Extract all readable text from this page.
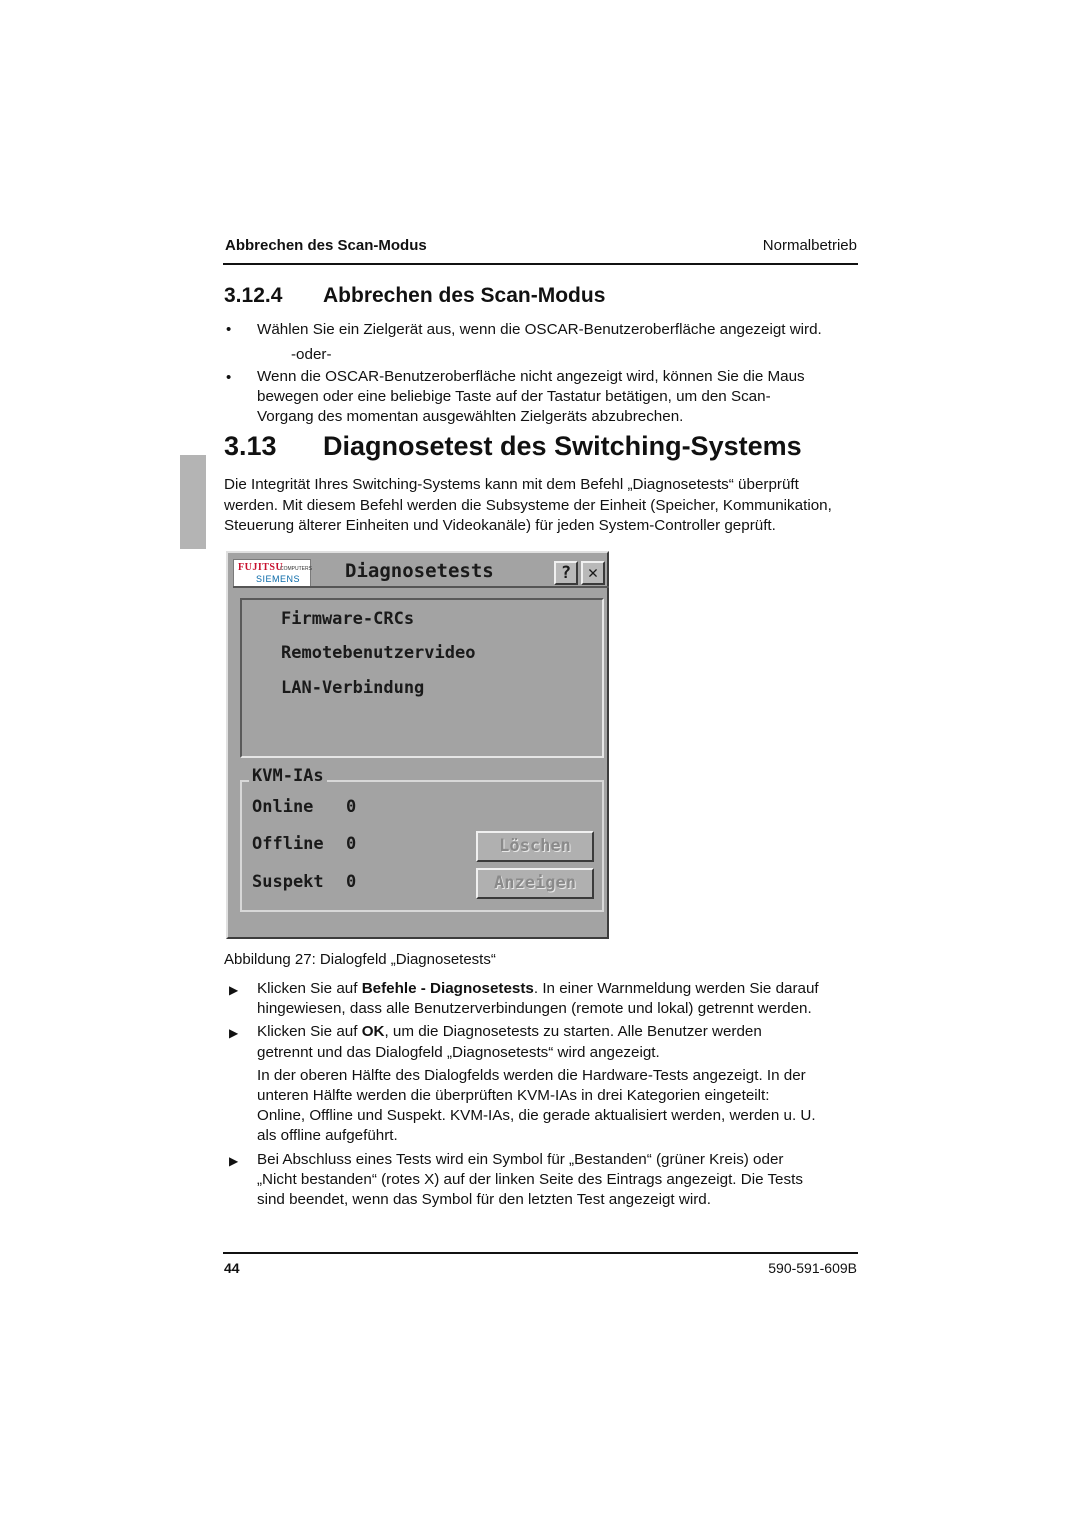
Abbrechen des Scan-Modus	Normalbetrieb
3.12.4 Abbrechen des Scan-Modus
• Wählen Sie ein Zielgerät aus, wenn die OSCAR-Benutzeroberfläche angezeigt wird.
-oder-
• Wenn die OSCAR-Benutzeroberfläche nicht angezeigt wird, können Sie die Maus
bewegen oder eine beliebige Taste auf der Tastatur betätigen, um den Scan-
Vorgang des momentan ausgewählten Zielgeräts abzubrechen.
3.13 Diagnosetest des Switching-Systems
Die Integrität Ihres Switching-Systems kann mit dem Befehl „Diagnosetests“ überprüft
werden. Mit diesem Befehl werden die Subsysteme der Einheit (Speicher, Kommunikation,
Steuerung älterer Einheiten und Videokanäle) für jeden System-Controller geprüft.
FUJITSU
COMPUTERS
SIEMENS Diagnosetests	? ✕
Firmware-CRCs
Remotebenutzervideo
LAN-Verbindung
KVM-IAs
Online 0
Offline 0
Suspekt 0
Löschen
Anzeigen
Abbildung 27: Dialogfeld „Diagnosetests“
▶ Klicken Sie auf Befehle - Diagnosetests. In einer Warnmeldung werden Sie darauf
hingewiesen, dass alle Benutzerverbindungen (remote und lokal) getrennt werden.
▶ Klicken Sie auf OK, um die Diagnosetests zu starten. Alle Benutzer werden
getrennt und das Dialogfeld „Diagnosetests“ wird angezeigt.
In der oberen Hälfte des Dialogfelds werden die Hardware-Tests angezeigt. In der
unteren Hälfte werden die überprüften KVM-IAs in drei Kategorien eingeteilt:
Online, Offline und Suspekt. KVM-IAs, die gerade aktualisiert werden, werden u. U.
als offline aufgeführt.
▶ Bei Abschluss eines Tests wird ein Symbol für „Bestanden“ (grüner Kreis) oder
„Nicht bestanden“ (rotes X) auf der linken Seite des Eintrags angezeigt. Die Tests
sind beendet, wenn das Symbol für den letzten Test angezeigt wird.
44	590-591-609B
